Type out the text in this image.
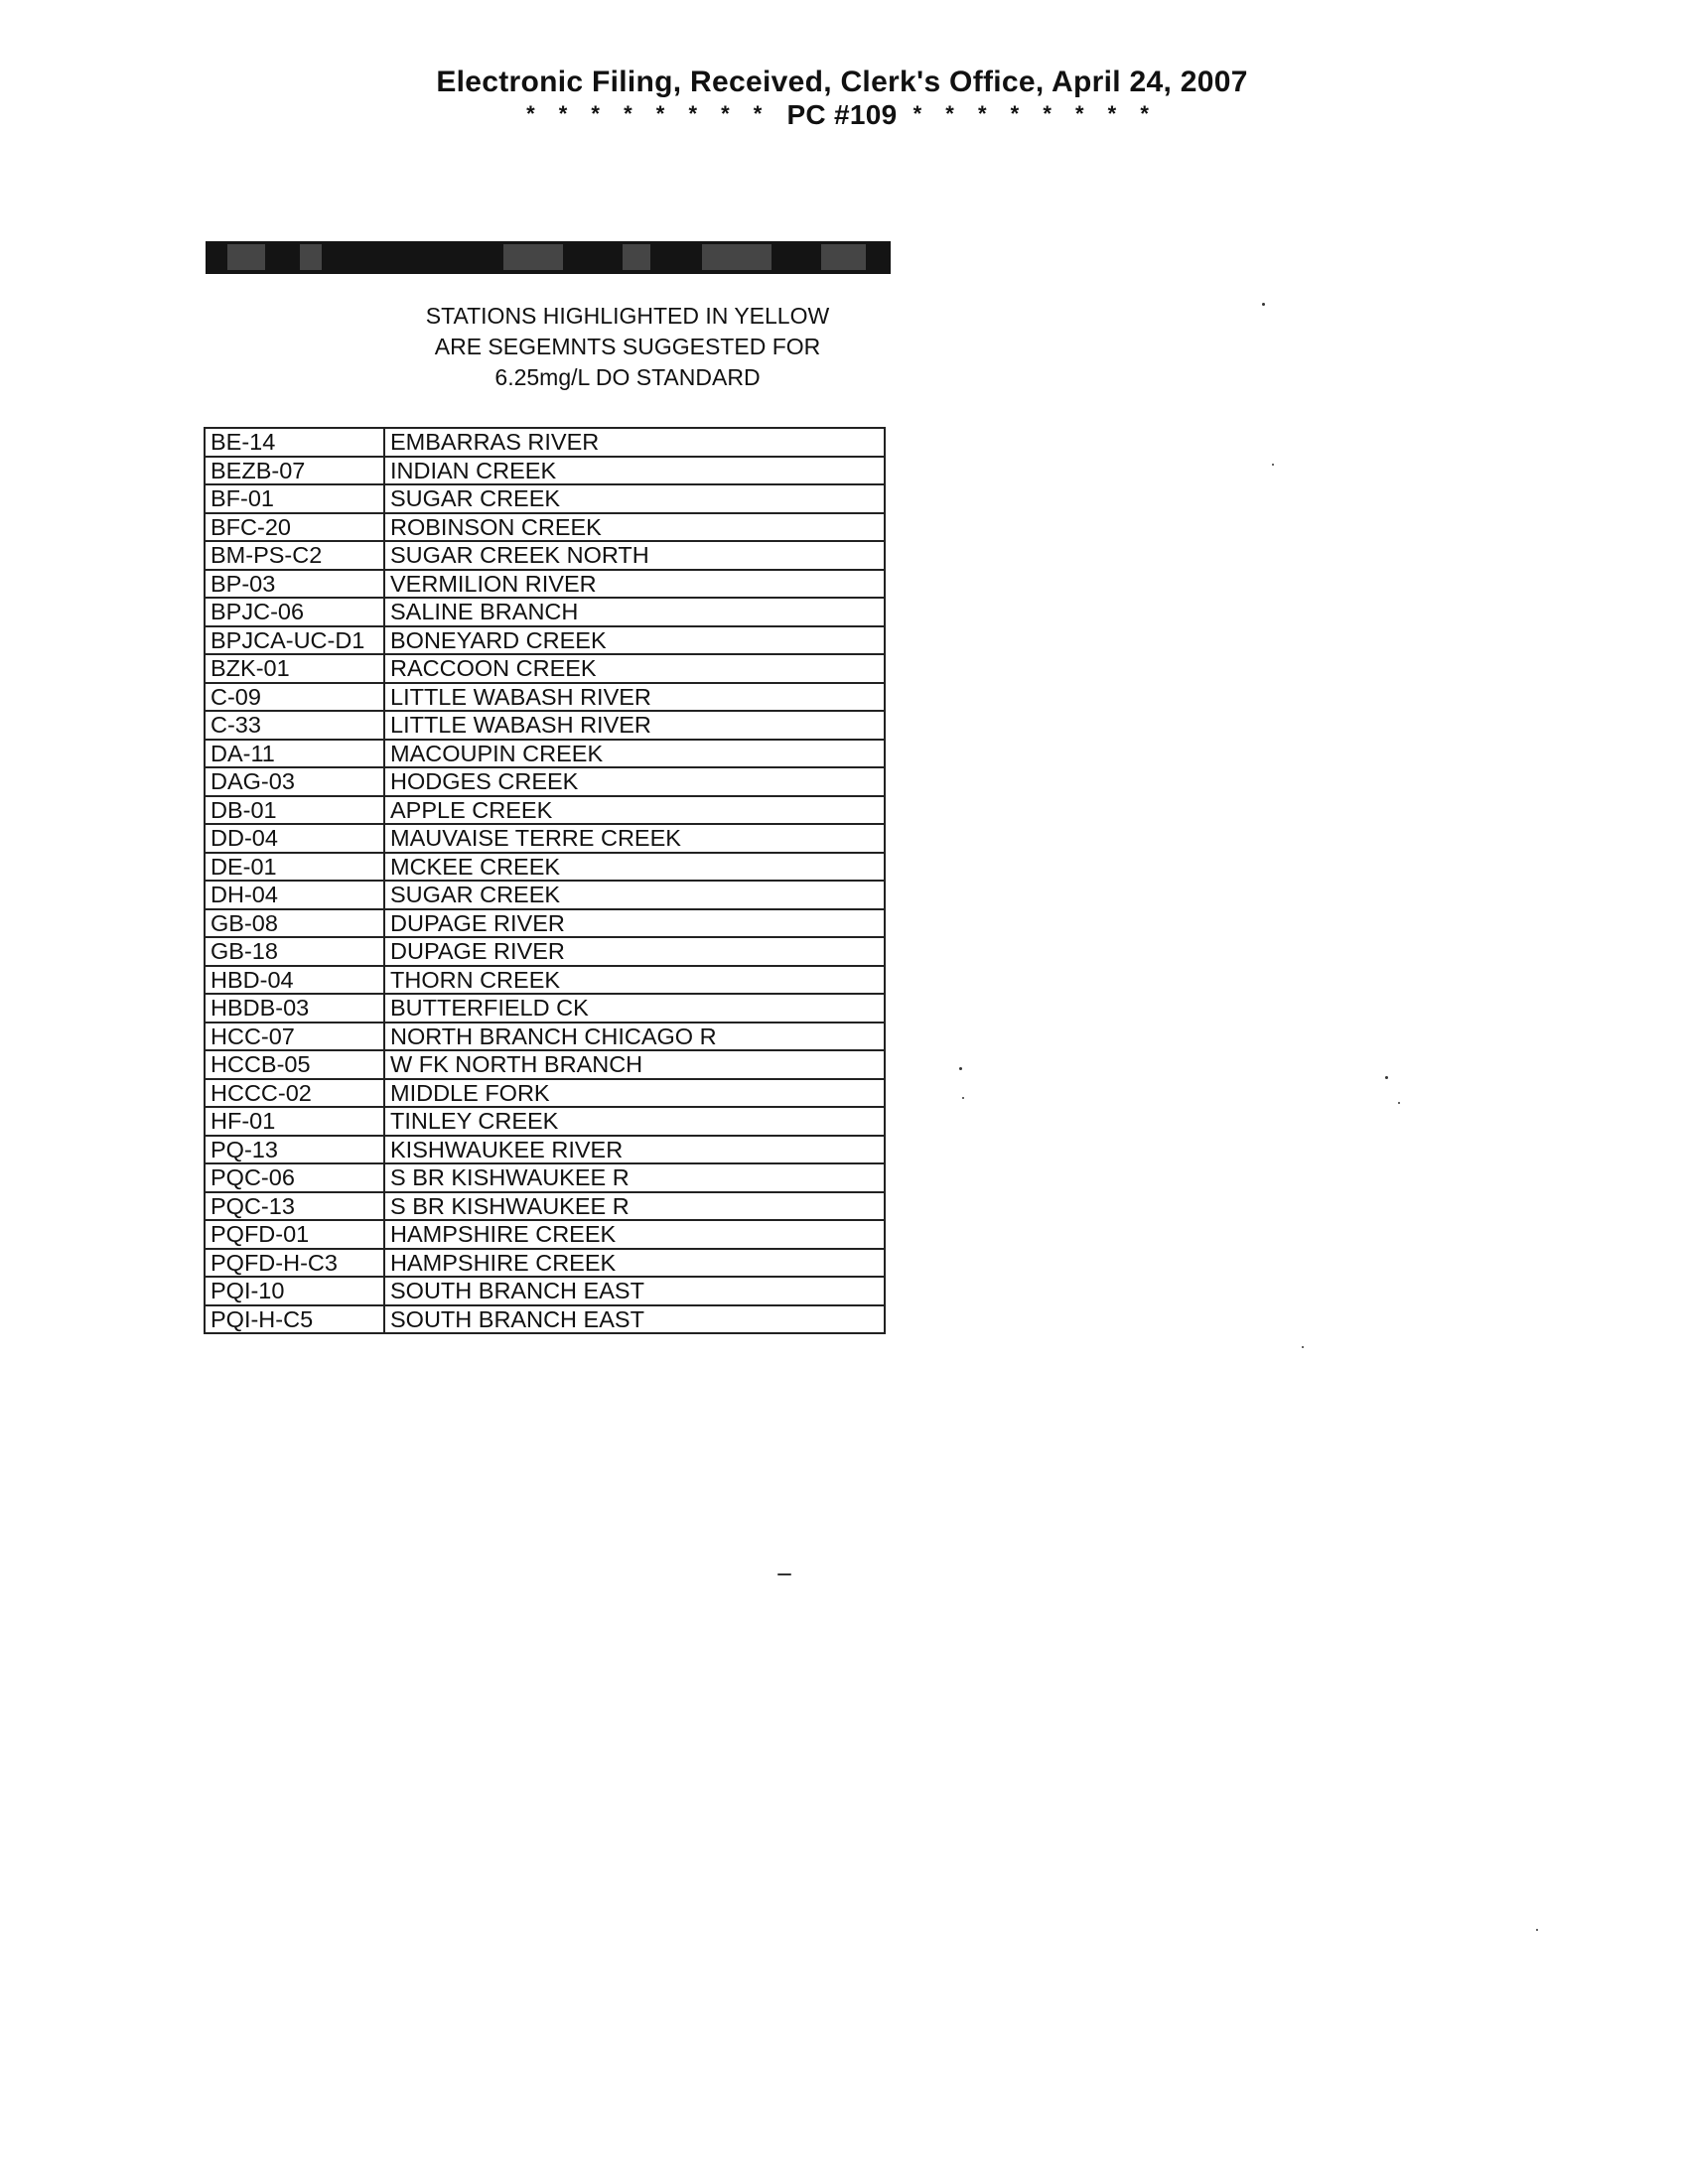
Electronic Filing, Received, Clerk's Office, April 24, 2007
* * * * * * * * PC #109 * * * * * * * *
STATIONS HIGHLIGHTED IN YELLOW
ARE SEGEMNTS SUGGESTED FOR
6.25mg/L DO STANDARD
BE-14	EMBARRAS RIVER
BEZB-07	INDIAN CREEK
BF-01	SUGAR CREEK
BFC-20	ROBINSON CREEK
BM-PS-C2	SUGAR CREEK NORTH
BP-03	VERMILION RIVER
BPJC-06	SALINE BRANCH
BPJCA-UC-D1	BONEYARD CREEK
BZK-01	RACCOON CREEK
C-09	LITTLE WABASH RIVER
C-33	LITTLE WABASH RIVER
DA-11	MACOUPIN CREEK
DAG-03	HODGES CREEK
DB-01	APPLE CREEK
DD-04	MAUVAISE TERRE CREEK
DE-01	MCKEE CREEK
DH-04	SUGAR CREEK
GB-08	DUPAGE RIVER
GB-18	DUPAGE RIVER
HBD-04	THORN CREEK
HBDB-03	BUTTERFIELD CK
HCC-07	NORTH BRANCH CHICAGO R
HCCB-05	W FK NORTH BRANCH
HCCC-02	MIDDLE FORK
HF-01	TINLEY CREEK
PQ-13	KISHWAUKEE RIVER
PQC-06	S BR KISHWAUKEE R
PQC-13	S BR KISHWAUKEE R
PQFD-01	HAMPSHIRE CREEK
PQFD-H-C3	HAMPSHIRE CREEK
PQI-10	SOUTH BRANCH EAST
PQI-H-C5	SOUTH BRANCH EAST
